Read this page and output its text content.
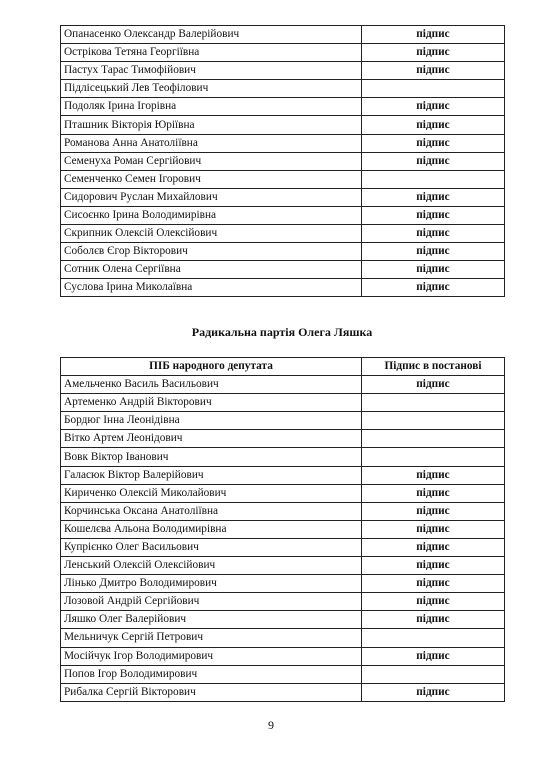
Опанасенко Олександр Валерійович	підпис
Острікова Тетяна Георгіївна	підпис
Пастух Тарас Тимофійович	підпис
Підлісецький Лев Теофілович	
Подоляк Ірина Ігорівна	підпис
Пташник Вікторія Юріївна	підпис
Романова Анна Анатоліївна	підпис
Семенуха Роман Сергійович	підпис
Семенченко Семен Ігорович	
Сидорович Руслан Михайлович	підпис
Сисоєнко Ірина Володимирівна	підпис
Скрипник Олексій Олексійович	підпис
Соболєв Єгор Вікторович	підпис
Сотник Олена Сергіївна	підпис
Суслова Ірина Миколаївна	підпис
Радикальна партія Олега Ляшка
ПІБ народного депутата	Підпис в постанові
Амельченко Василь Васильович	підпис
Артеменко Андрій Вікторович	
Бордюг Інна Леонідівна	
Вітко Артем Леонідович	
Вовк Віктор Іванович	
Галасюк Віктор Валерійович	підпис
Кириченко Олексій Миколайович	підпис
Корчинська Оксана Анатоліївна	підпис
Кошелєва Альона Володимирівна	підпис
Купрієнко Олег Васильович	підпис
Ленський Олексій Олексійович	підпис
Лінько Дмитро Володимирович	підпис
Лозовой Андрій Сергійович	підпис
Ляшко Олег Валерійович	підпис
Мельничук Сергій Петрович	
Мосійчук Ігор Володимирович	підпис
Попов Ігор Володимирович	
Рибалка Сергій Вікторович	підпис
9
